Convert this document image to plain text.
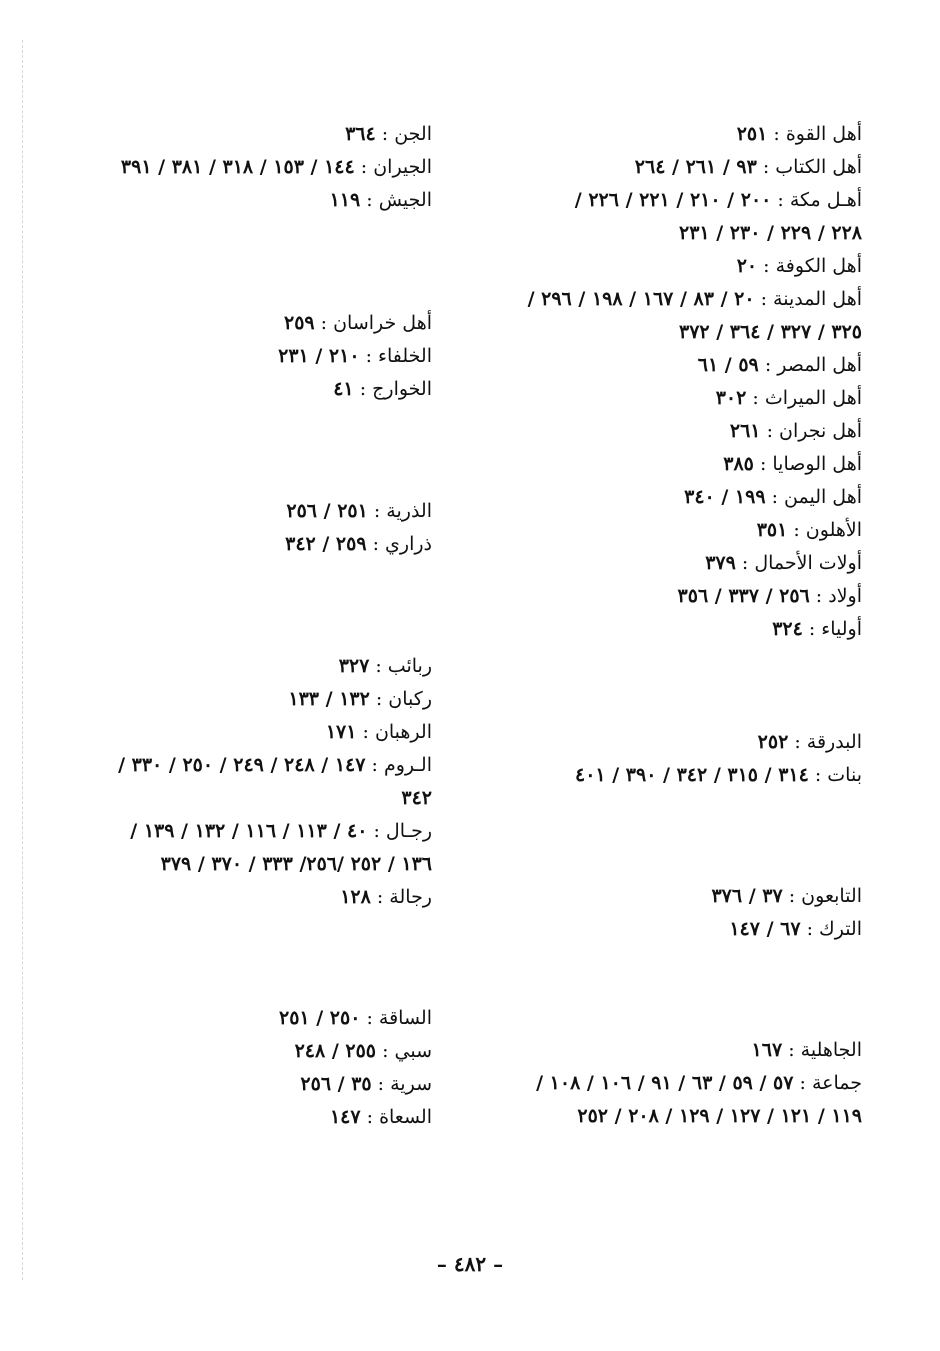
أهل القوة : ٢٥١
أهل الكتاب : ٩٣ / ٢٦١ / ٢٦٤
أهـل مكة : ٢٠٠ / ٢١٠ / ٢٢١ / ٢٢٦ /
٢٢٨ / ٢٢٩ / ٢٣٠ / ٢٣١
أهل الكوفة : ٢٠
أهل المدينة : ٢٠ / ٨٣ / ١٦٧ / ١٩٨ / ٢٩٦ /
٣٢٥ / ٣٢٧ / ٣٦٤ / ٣٧٢
أهل المصر : ٥٩ / ٦١
أهل الميراث : ٣٠٢
أهل نجران : ٢٦١
أهل الوصايا : ٣٨٥
أهل اليمن : ١٩٩ / ٣٤٠
الأهلون : ٣٥١
أولات الأحمال : ٣٧٩
أولاد : ٢٥٦ / ٣٣٧ / ٣٥٦
أولياء : ٣٢٤
البدرقة : ٢٥٢
بنات : ٣١٤ / ٣١٥ / ٣٤٢ / ٣٩٠ / ٤٠١
التابعون : ٣٧ / ٣٧٦
الترك : ٦٧ / ١٤٧
الجاهلية : ١٦٧
جماعة : ٥٧ / ٥٩ / ٦٣ / ٩١ / ١٠٦ / ١٠٨ /
١١٩ / ١٢١ / ١٢٧ / ١٢٩ / ٢٠٨ / ٢٥٢
الجن : ٣٦٤
الجيران : ١٤٤ / ١٥٣ / ٣١٨ / ٣٨١ / ٣٩١
الجيش : ١١٩
أهل خراسان : ٢٥٩
الخلفاء : ٢١٠ / ٢٣١
الخوارج : ٤١
الذرية : ٢٥١ / ٢٥٦
ذراري : ٢٥٩ / ٣٤٢
ربائب : ٣٢٧
ركبان : ١٣٢ / ١٣٣
الرهبان : ١٧١
الـروم : ١٤٧ / ٢٤٨ / ٢٤٩ / ٢٥٠ / ٣٣٠ /
٣٤٢
رجـال : ٤٠ / ١١٣ / ١١٦ / ١٣٢ / ١٣٩ /
١٣٦ / ٢٥٢ /٢٥٦/ ٣٣٣ / ٣٧٠ / ٣٧٩
رجالة : ١٢٨
الساقة : ٢٥٠ / ٢٥١
سبي : ٢٥٥ / ٢٤٨
سرية : ٣٥ / ٢٥٦
السعاة : ١٤٧
– ٤٨٢ –
